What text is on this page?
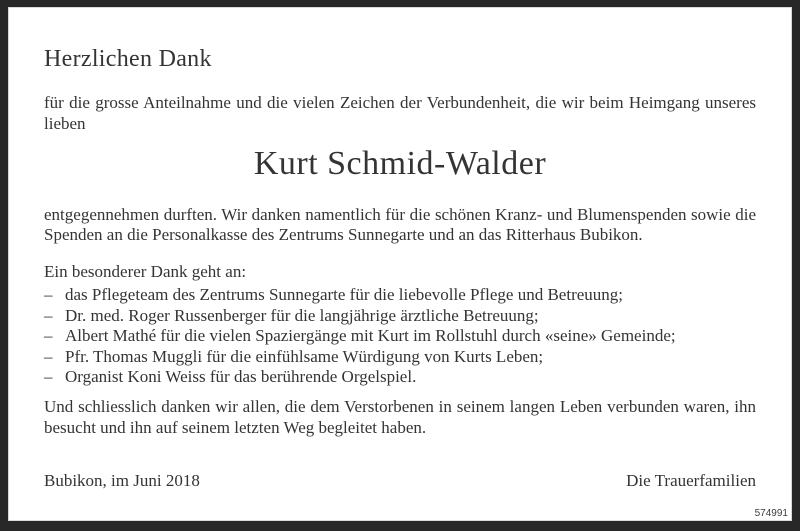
Herzlichen Dank

für die grosse Anteilnahme und die vielen Zeichen der Verbundenheit, die wir beim Heimgang unseres lieben

Kurt Schmid-Walder

entgegennehmen durften. Wir danken namentlich für die schönen Kranz- und Blumenspenden sowie die Spenden an die Personalkasse des Zentrums Sunnegarte und an das Ritterhaus Bubikon.

Ein besonderer Dank geht an:

– das Pflegeteam des Zentrums Sunnegarte für die liebevolle Pflege und Betreuung;
– Dr. med. Roger Russenberger für die langjährige ärztliche Betreuung;
– Albert Mathé für die vielen Spaziergänge mit Kurt im Rollstuhl durch «seine» Gemeinde;
– Pfr. Thomas Muggli für die einfühlsame Würdigung von Kurts Leben;
– Organist Koni Weiss für das berührende Orgelspiel.

Und schliesslich danken wir allen, die dem Verstorbenen in seinem langen Leben verbunden waren, ihn besucht und ihn auf seinem letzten Weg begleitet haben.

Bubikon, im Juni 2018	Die Trauerfamilien
574991
